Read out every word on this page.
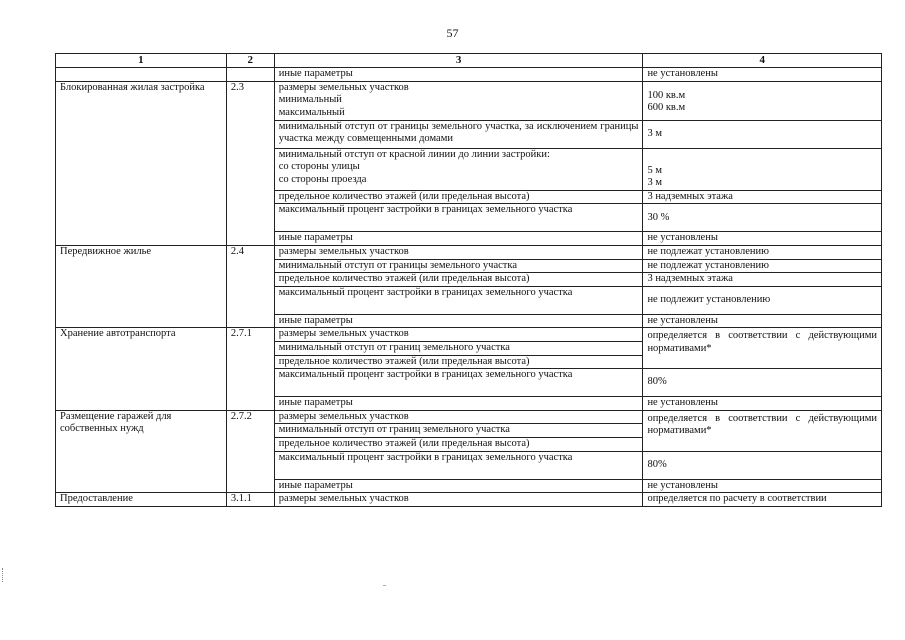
57
1	2	3	4
		иные параметры	не установлены

Блокированная жилая застройка	2.3	размеры земельных участков
минимальный
максимальный	100 кв.м
600 кв.м

		минимальный отступ от границы земельного участка, за исключением границы участка между совмещенными домами	3 м

		минимальный отступ от красной линии до линии застройки:
со стороны улицы
со стороны проезда	5 м
3 м

		предельное количество этажей (или предельная высота)	3 надземных этажа
		максимальный процент застройки в границах земельного участка	30 %
		иные параметры	не установлены
Передвижное жилье	2.4	размеры земельных участков	не подлежат установлению
		минимальный отступ от границы земельного участка	не подлежат установлению
		предельное количество этажей (или предельная высота)	3 надземных этажа
		максимальный процент застройки в границах земельного участка	не подлежит установлению
		иные параметры	не установлены
Хранение автотранспорта	2.7.1	размеры земельных участков	определяется в соответствии с действующими нормативами*

		минимальный отступ от границ земельного участка	
		предельное количество этажей (или предельная высота)	
		максимальный процент застройки в границах земельного участка	80%
		иные параметры	не установлены
Размещение гаражей для собственных нужд	2.7.2	размеры земельных участков	определяется в соответствии с действующими нормативами*

		минимальный отступ от границ земельного участка	
		предельное количество этажей (или предельная высота)	
		максимальный процент застройки в границах земельного участка	80%
		иные параметры	не установлены
Предоставление	3.1.1	размеры земельных участков	определяется по расчету в соответствии
